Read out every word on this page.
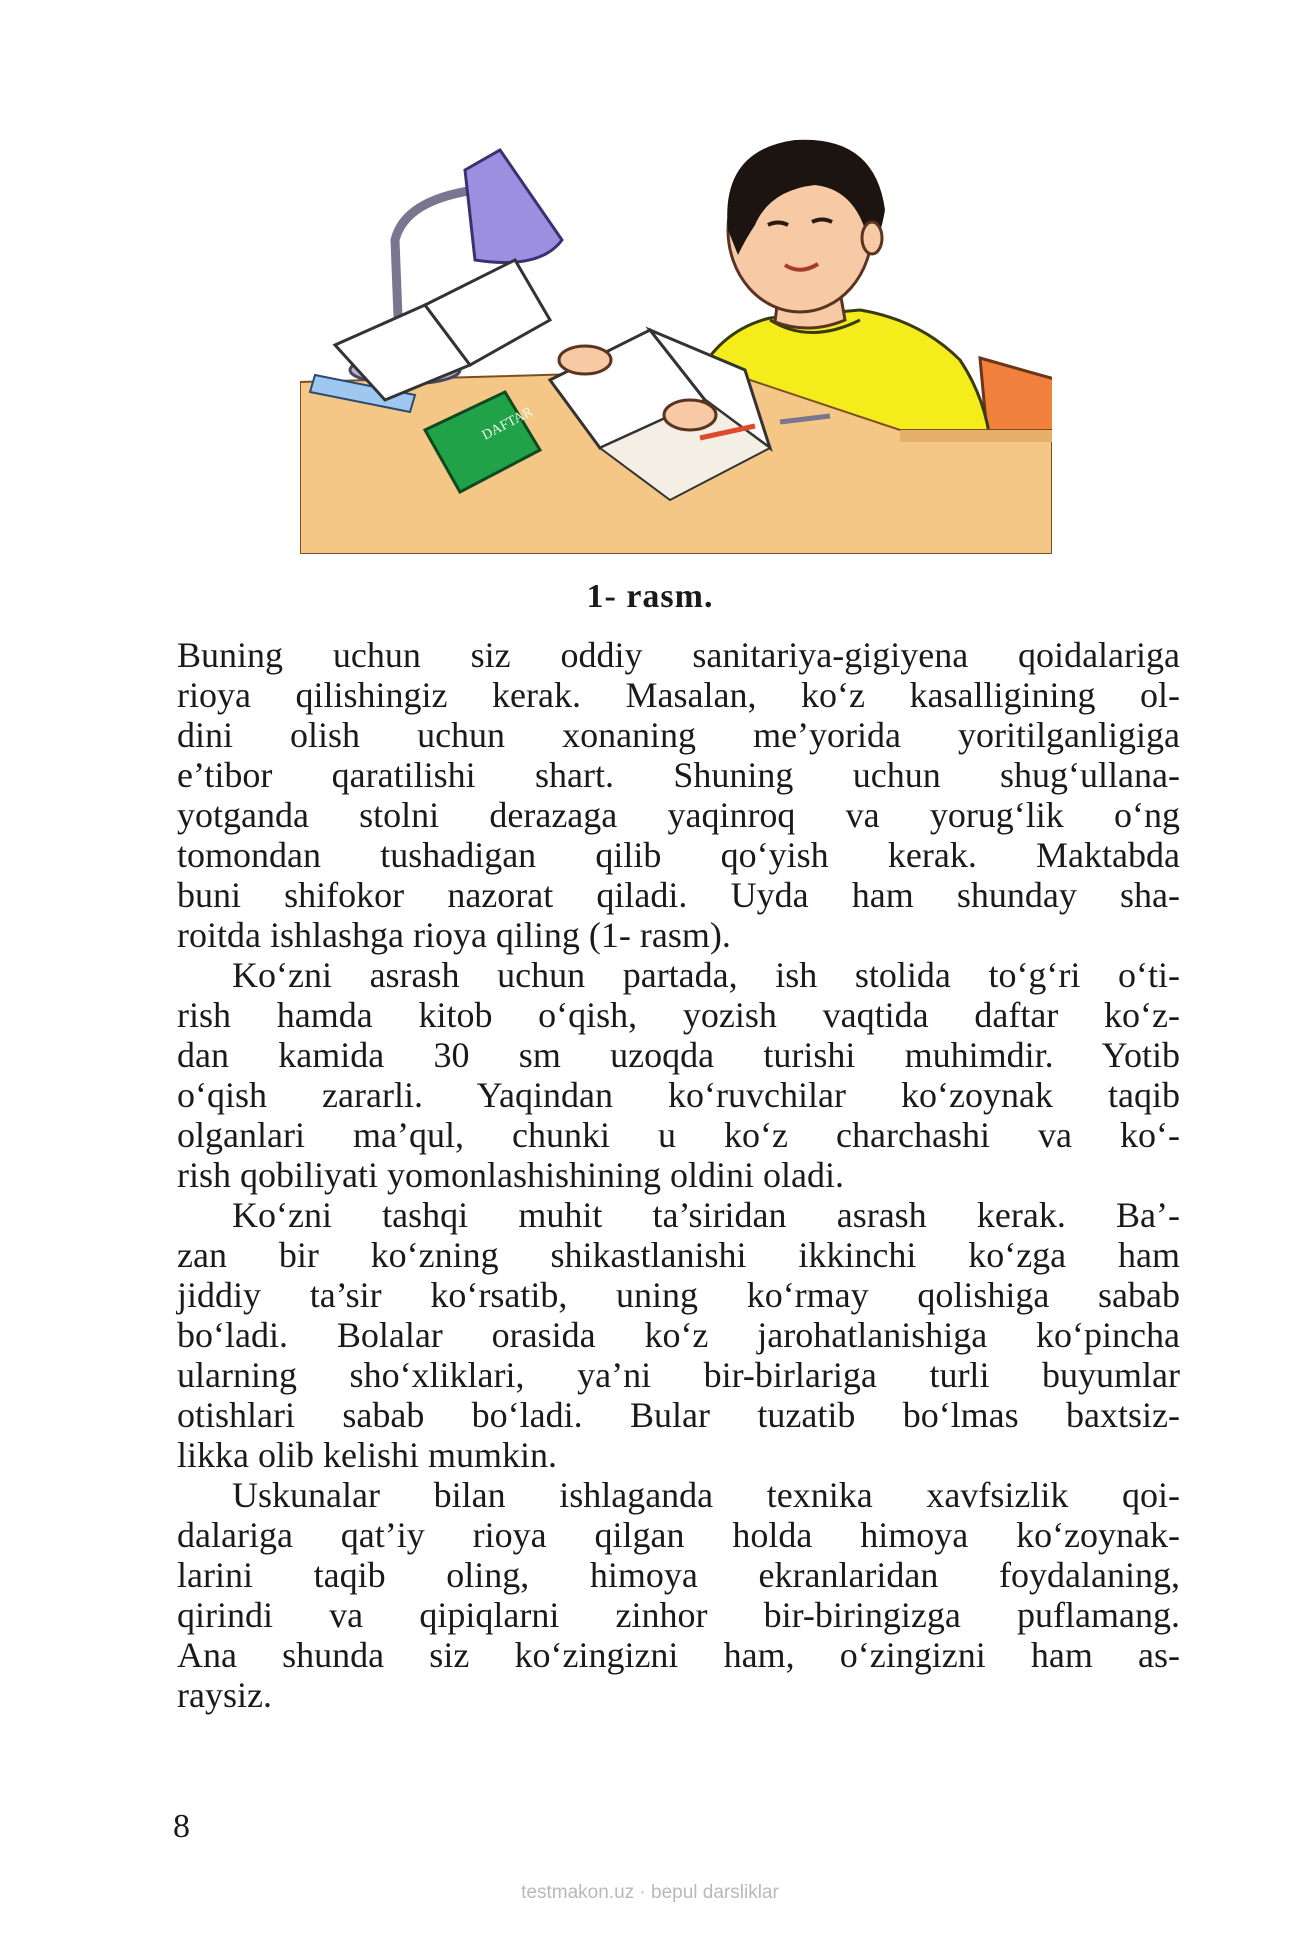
DAFTAR
1- rasm.
Buning uchun siz oddiy sanitariya-gigiyena qoidalariga
rioya qilishingiz kerak. Masalan, ko‘z kasalligining ol-
dini olish uchun xonaning me’yorida yoritilganligiga
e’tibor qaratilishi shart. Shuning uchun shug‘ullana-
yotganda stolni derazaga yaqinroq va yorug‘lik o‘ng
tomondan tushadigan qilib qo‘yish kerak. Maktabda
buni shifokor nazorat qiladi. Uyda ham shunday sha-
roitda ishlashga rioya qiling (1- rasm).
Ko‘zni asrash uchun partada, ish stolida to‘g‘ri o‘ti-
rish hamda kitob o‘qish, yozish vaqtida daftar ko‘z-
dan kamida 30 sm uzoqda turishi muhimdir. Yotib
o‘qish zararli. Yaqindan ko‘ruvchilar ko‘zoynak taqib
olganlari ma’qul, chunki u ko‘z charchashi va ko‘-
rish qobiliyati yomonlashishining oldini oladi.
Ko‘zni tashqi muhit ta’siridan asrash kerak. Ba’-
zan bir ko‘zning shikastlanishi ikkinchi ko‘zga ham
jiddiy ta’sir ko‘rsatib, uning ko‘rmay qolishiga sabab
bo‘ladi. Bolalar orasida ko‘z jarohatlanishiga ko‘pincha
ularning sho‘xliklari, ya’ni bir-birlariga turli buyumlar
otishlari sabab bo‘ladi. Bular tuzatib bo‘lmas baxtsiz-
likka olib kelishi mumkin.
Uskunalar bilan ishlaganda texnika xavfsizlik qoi-
dalariga qat’iy rioya qilgan holda himoya ko‘zoynak-
larini taqib oling, himoya ekranlaridan foydalaning,
qirindi va qipiqlarni zinhor bir-biringizga puflamang.
Ana shunda siz ko‘zingizni ham, o‘zingizni ham as-
raysiz.
8
testmakon.uz · bepul darsliklar
